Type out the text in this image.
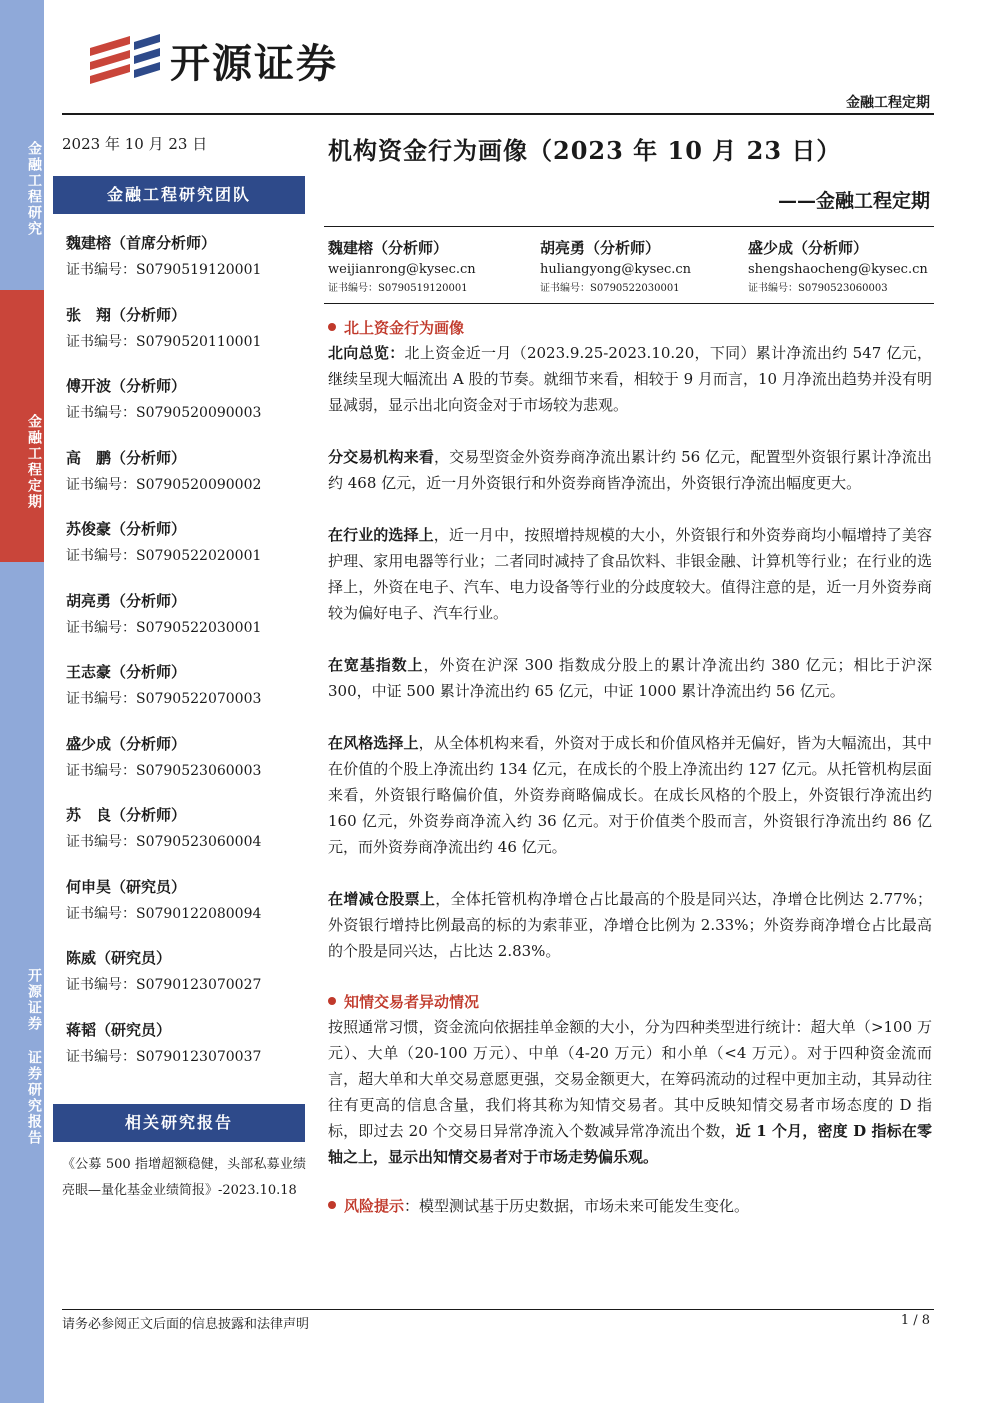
金融工程研究
金融工程定期
开源证券 证券研究报告
开源证券
金融工程定期
2023 年 10 月 23 日
金融工程研究团队
魏建榕（首席分析师）
证书编号：S0790519120001
张　翔（分析师）
证书编号：S0790520110001
傅开波（分析师）
证书编号：S0790520090003
高　鹏（分析师）
证书编号：S0790520090002
苏俊豪（分析师）
证书编号：S0790522020001
胡亮勇（分析师）
证书编号：S0790522030001
王志豪（分析师）
证书编号：S0790522070003
盛少成（分析师）
证书编号：S0790523060003
苏　良（分析师）
证书编号：S0790523060004
何申昊（研究员）
证书编号：S0790122080094
陈威（研究员）
证书编号：S0790123070027
蒋韬（研究员）
证书编号：S0790123070037
相关研究报告
《公募 500 指增超额稳健，头部私募业绩亮眼—量化基金业绩简报》-2023.10.18
机构资金行为画像（2023 年 10 月 23 日）
——金融工程定期
魏建榕（分析师）
weijianrong@kysec.cn
证书编号：S0790519120001
胡亮勇（分析师）
huliangyong@kysec.cn
证书编号：S0790522030001
盛少成（分析师）
shengshaocheng@kysec.cn
证书编号：S0790523060003
北上资金行为画像

北向总览：北上资金近一月（2023.9.25-2023.10.20，下同）累计净流出约 547 亿元，继续呈现大幅流出 A 股的节奏。就细节来看，相较于 9 月而言，10 月净流出趋势并没有明显减弱，显示出北向资金对于市场较为悲观。

分交易机构来看，交易型资金外资券商净流出累计约 56 亿元，配置型外资银行累计净流出约 468 亿元，近一月外资银行和外资券商皆净流出，外资银行净流出幅度更大。

在行业的选择上，近一月中，按照增持规模的大小，外资银行和外资券商均小幅增持了美容护理、家用电器等行业；二者同时减持了食品饮料、非银金融、计算机等行业；在行业的选择上，外资在电子、汽车、电力设备等行业的分歧度较大。值得注意的是，近一月外资券商较为偏好电子、汽车行业。

在宽基指数上，外资在沪深 300 指数成分股上的累计净流出约 380 亿元；相比于沪深 300，中证 500 累计净流出约 65 亿元，中证 1000 累计净流出约 56 亿元。

在风格选择上，从全体机构来看，外资对于成长和价值风格并无偏好，皆为大幅流出，其中在价值的个股上净流出约 134 亿元，在成长的个股上净流出约 127 亿元。从托管机构层面来看，外资银行略偏价值，外资券商略偏成长。在成长风格的个股上，外资银行净流出约 160 亿元，外资券商净流入约 36 亿元。对于价值类个股而言，外资银行净流出约 86 亿元，而外资券商净流出约 46 亿元。

在增减仓股票上，全体托管机构净增仓占比最高的个股是同兴达，净增仓比例达 2.77%；外资银行增持比例最高的标的为索菲亚，净增仓比例为 2.33%；外资券商净增仓占比最高的个股是同兴达，占比达 2.83%。

知情交易者异动情况

按照通常习惯，资金流向依据挂单金额的大小，分为四种类型进行统计：超大单（>100 万元）、大单（20-100 万元）、中单（4-20 万元）和小单（<4 万元）。对于四种资金流而言，超大单和大单交易意愿更强，交易金额更大，在筹码流动的过程中更加主动，其异动往往有更高的信息含量，我们将其称为知情交易者。其中反映知情交易者市场态度的 D 指标，即过去 20 个交易日异常净流入个数减异常净流出个数，近 1 个月，密度 D 指标在零轴之上，显示出知情交易者对于市场走势偏乐观。

风险提示：模型测试基于历史数据，市场未来可能发生变化。
请务必参阅正文后面的信息披露和法律声明	1 / 8
